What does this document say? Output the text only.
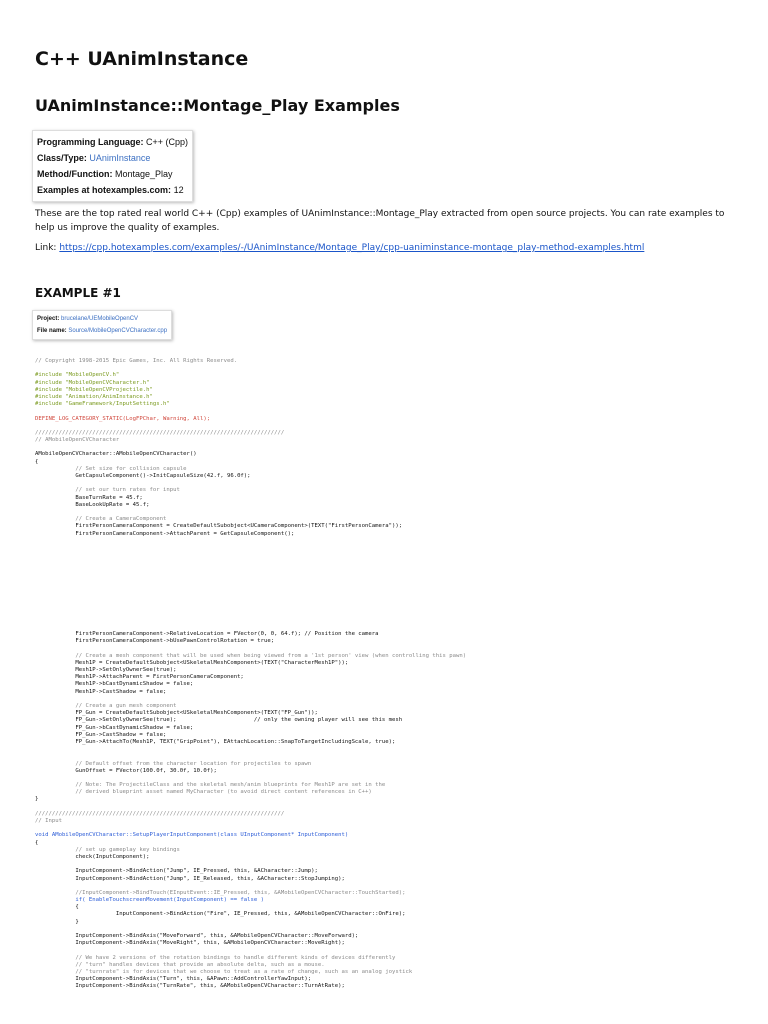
C++ UAnimInstance
UAnimInstance::Montage_Play Examples
Programming Language: C++ (Cpp)
Class/Type: UAnimInstance
Method/Function: Montage_Play
Examples at hotexamples.com: 12
These are the top rated real world C++ (Cpp) examples of UAnimInstance::Montage_Play extracted from open source projects. You can rate examples to help us improve the quality of examples.
Link: https://cpp.hotexamples.com/examples/-/UAnimInstance/Montage_Play/cpp-uaniminstance-montage_play-method-examples.html
EXAMPLE #1
Project: brucelane/UEMobileOpenCV
File name: Source/MobileOpenCVCharacter.cpp
// Copyright 1998-2015 Epic Games, Inc. All Rights Reserved.
#include "MobileOpenCV.h"
#include "MobileOpenCVCharacter.h"
#include "MobileOpenCVProjectile.h"
#include "Animation/AnimInstance.h"
#include "GameFramework/InputSettings.h"
DEFINE_LOG_CATEGORY_STATIC(LogFPChar, Warning, All);
//////////////////////////////////////////////////////////////////////////
// AMobileOpenCVCharacter
AMobileOpenCVCharacter::AMobileOpenCVCharacter()
{
// Set size for collision capsule
GetCapsuleComponent()->InitCapsuleSize(42.f, 96.0f);
// set our turn rates for input
BaseTurnRate = 45.f;
BaseLookUpRate = 45.f;
// Create a CameraComponent
FirstPersonCameraComponent = CreateDefaultSubobject<UCameraComponent>(TEXT("FirstPersonCamera"));
FirstPersonCameraComponent->AttachParent = GetCapsuleComponent();
FirstPersonCameraComponent->RelativeLocation = FVector(0, 0, 64.f); // Position the camera
FirstPersonCameraComponent->bUsePawnControlRotation = true;
// Create a mesh component that will be used when being viewed from a '1st person' view (when controlling this pawn)
Mesh1P = CreateDefaultSubobject<USkeletalMeshComponent>(TEXT("CharacterMesh1P"));
Mesh1P->SetOnlyOwnerSee(true);
Mesh1P->AttachParent = FirstPersonCameraComponent;
Mesh1P->bCastDynamicShadow = false;
Mesh1P->CastShadow = false;
// Create a gun mesh component
FP_Gun = CreateDefaultSubobject<USkeletalMeshComponent>(TEXT("FP_Gun"));
FP_Gun->SetOnlyOwnerSee(true);                       // only the owning player will see this mesh
FP_Gun->bCastDynamicShadow = false;
FP_Gun->CastShadow = false;
FP_Gun->AttachTo(Mesh1P, TEXT("GripPoint"), EAttachLocation::SnapToTargetIncludingScale, true);
// Default offset from the character location for projectiles to spawn
GunOffset = FVector(100.0f, 30.0f, 10.0f);
// Note: The ProjectileClass and the skeletal mesh/anim blueprints for Mesh1P are set in the
// derived blueprint asset named MyCharacter (to avoid direct content references in C++)
}
//////////////////////////////////////////////////////////////////////////
// Input
void AMobileOpenCVCharacter::SetupPlayerInputComponent(class UInputComponent* InputComponent)
{
// set up gameplay key bindings
check(InputComponent);
InputComponent->BindAction("Jump", IE_Pressed, this, &ACharacter::Jump);
InputComponent->BindAction("Jump", IE_Released, this, &ACharacter::StopJumping);
//InputComponent->BindTouch(EInputEvent::IE_Pressed, this, &AMobileOpenCVCharacter::TouchStarted);
if( EnableTouchscreenMovement(InputComponent) == false )
{
InputComponent->BindAction("Fire", IE_Pressed, this, &AMobileOpenCVCharacter::OnFire);
}
InputComponent->BindAxis("MoveForward", this, &AMobileOpenCVCharacter::MoveForward);
InputComponent->BindAxis("MoveRight", this, &AMobileOpenCVCharacter::MoveRight);
// We have 2 versions of the rotation bindings to handle different kinds of devices differently
// "turn" handles devices that provide an absolute delta, such as a mouse.
// "turnrate" is for devices that we choose to treat as a rate of change, such as an analog joystick
InputComponent->BindAxis("Turn", this, &APawn::AddControllerYawInput);
InputComponent->BindAxis("TurnRate", this, &AMobileOpenCVCharacter::TurnAtRate);
